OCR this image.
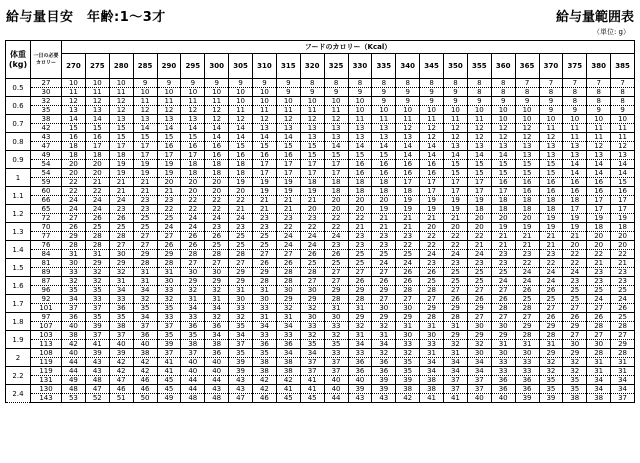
給与量目安　年齢:1～3才	給与量範囲表
（単位: g）
体重
(kg)	一日の必要
カロリー	フードのカロリー（Kcal）																							
		270	275	280	285	290	295	300	305	310	315	320	325	330	335	340	345	350	355	360	365	370	375	380	385
0.5	27	10	10	10	9	9	9	9	9	9	9	8	8	8	8	8	8	8	8	8	7	7	7	7	7
	30	11	11	11	10	10	10	10	10	10	9	9	9	9	9	9	9	9	8	8	8	8	8	8	8
0.6	32	12	12	12	11	11	11	11	10	10	10	10	10	10	9	9	9	9	9	9	9	9	8	8	8
	35	13	13	12	12	12	12	12	11	11	11	11	11	10	10	10	10	10	10	10	10	9	9	9	9
0.7	38	14	14	13	13	13	13	12	12	12	12	12	12	11	11	11	11	11	11	10	10	10	10	10	10
	42	15	15	15	14	14	14	14	14	13	13	13	13	13	13	12	12	12	12	12	12	11	11	11	11
0.8	43	16	16	15	15	15	15	14	14	14	14	13	13	13	13	13	12	12	12	12	12	12	11	11	11
	47	18	17	17	17	16	16	16	15	15	15	15	14	14	14	14	14	13	13	13	13	13	13	12	12
0.9	49	18	18	18	17	17	17	16	16	16	16	15	15	15	15	14	14	14	14	14	13	13	13	13	13
	54	20	20	19	19	19	18	18	18	17	17	17	17	16	16	16	16	15	15	15	15	15	14	14	14
1	54	20	20	19	19	19	18	18	18	17	17	17	17	16	16	16	16	15	15	15	15	15	14	14	14
	59	22	21	21	21	20	20	20	19	19	19	18	18	18	18	17	17	17	17	16	16	16	16	16	15
1.1	60	22	22	21	21	21	20	20	20	19	19	19	18	18	18	18	17	17	17	17	16	16	16	16	16
	66	24	24	24	23	23	22	22	22	21	21	21	20	20	20	19	19	19	19	18	18	18	18	17	17
1.2	65	24	24	23	23	22	22	22	21	21	21	20	20	20	19	19	19	19	18	18	18	18	17	17	17
	72	27	26	26	25	25	24	24	24	23	23	23	22	22	21	21	21	21	20	20	20	19	19	19	19
1.3	70	26	25	25	25	24	24	23	23	23	22	22	22	21	21	21	20	20	20	19	19	19	19	18	18
	77	29	28	28	27	27	26	26	25	25	24	24	24	23	23	23	22	22	22	21	21	21	21	20	20
1.4	76	28	28	27	27	26	26	25	25	25	24	24	23	23	23	22	22	22	21	21	21	21	20	20	20
	84	31	31	30	29	29	28	28	28	27	27	26	26	25	25	25	24	24	24	23	23	23	22	22	22
1.5	81	30	29	29	28	28	27	27	27	26	26	25	25	25	24	24	23	23	23	23	22	22	22	21	21
	89	33	32	32	31	31	30	30	29	29	28	28	27	27	27	26	26	25	25	25	24	24	24	23	23
1.6	87	32	32	31	31	30	29	29	29	28	28	27	27	26	26	26	25	25	25	24	24	24	23	23	23
	96	35	35	34	34	33	32	32	31	31	30	30	29	29	29	28	28	27	27	27	26	26	25	25	25
1.7	92	34	33	33	32	32	31	31	30	30	29	29	28	28	27	27	27	26	26	26	25	25	25	24	24
	101	37	37	36	35	35	34	34	33	33	32	32	31	31	30	30	29	29	29	28	28	27	27	27	26
1.8	97	36	35	35	34	33	33	32	32	31	31	30	30	29	29	29	28	28	27	27	27	26	26	26	25
	107	40	39	38	37	37	36	36	35	34	34	33	33	32	32	31	31	31	30	30	29	29	29	28	28
1.9	103	38	37	37	36	35	35	34	34	33	33	32	32	31	31	30	30	29	29	29	28	28	27	27	27
	113	42	41	40	40	39	38	38	37	36	36	35	35	34	34	33	33	32	32	31	31	31	30	30	29
2	108	40	39	39	38	37	37	36	35	35	34	34	33	33	32	32	31	31	30	30	30	29	29	28	28
	119	44	43	42	42	41	40	40	39	38	38	37	37	36	36	35	34	34	34	33	33	32	32	31	31
2.2	119	44	43	42	42	41	40	40	39	38	38	37	37	36	36	35	34	34	34	33	33	32	32	31	31
	131	49	48	47	46	45	44	44	43	42	42	41	40	40	39	39	38	37	37	36	36	35	35	34	34
2.4	130	48	47	46	46	45	44	43	43	42	41	41	40	39	39	38	38	37	37	36	36	35	35	34	34
	143	53	52	51	50	49	48	48	47	46	45	45	44	43	43	42	41	41	40	40	39	39	38	38	37
